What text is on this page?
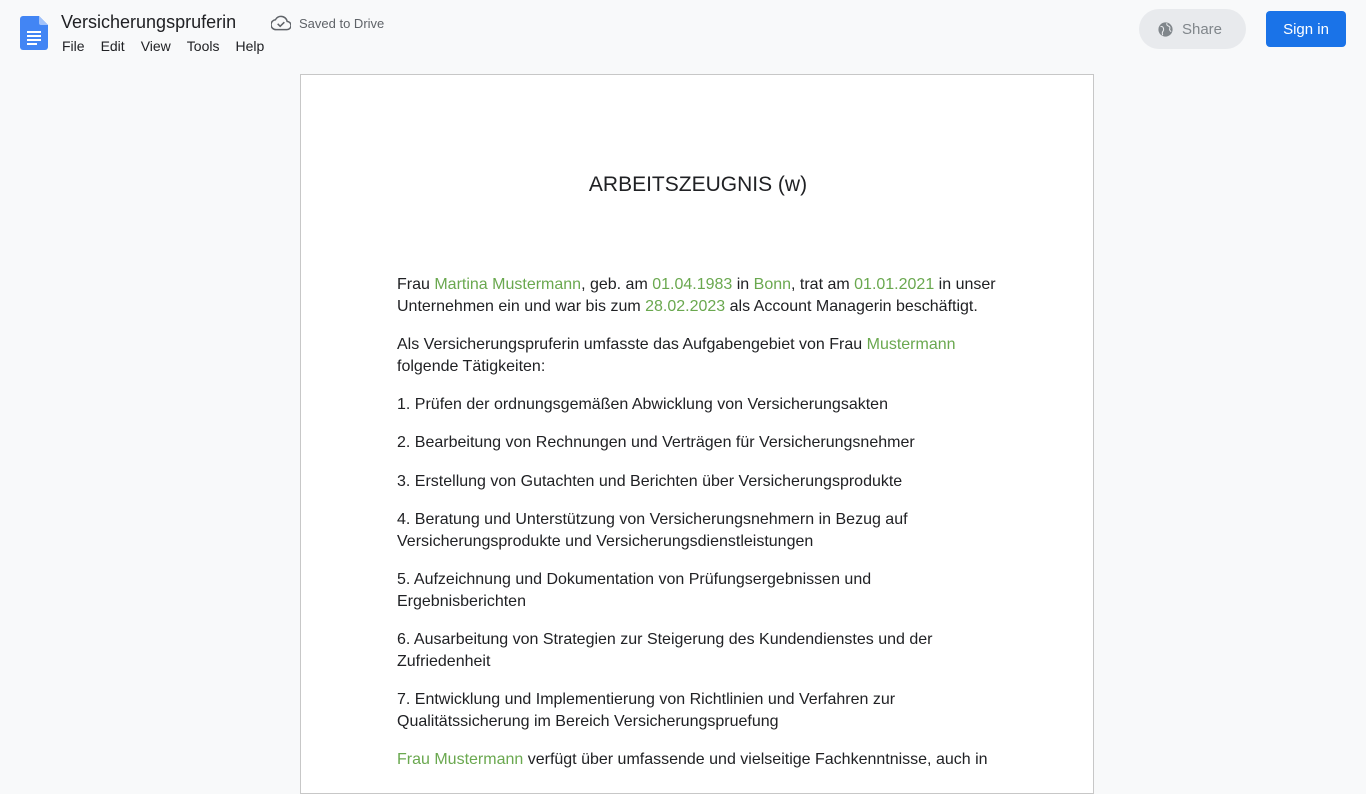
Versicherungspruferin	Saved to Drive
File	Edit	View	Tools	Help
Share	Sign in
ARBEITSZEUGNIS (w)

Frau Martina Mustermann, geb. am 01.04.1983 in Bonn, trat am 01.01.2021 in unser Unternehmen ein und war bis zum 28.02.2023 als Account Managerin beschäftigt.

Als Versicherungspruferin umfasste das Aufgabengebiet von Frau Mustermann
folgende Tätigkeiten:

1. Prüfen der ordnungsgemäßen Abwicklung von Versicherungsakten

2. Bearbeitung von Rechnungen und Verträgen für Versicherungsnehmer

3. Erstellung von Gutachten und Berichten über Versicherungsprodukte

4. Beratung und Unterstützung von Versicherungsnehmern in Bezug auf Versicherungsprodukte und Versicherungsdienstleistungen

5. Aufzeichnung und Dokumentation von Prüfungsergebnissen und Ergebnisberichten

6. Ausarbeitung von Strategien zur Steigerung des Kundendienstes und der Zufriedenheit

7. Entwicklung und Implementierung von Richtlinien und Verfahren zur Qualitätssicherung im Bereich Versicherungspruefung

Frau Mustermann verfügt über umfassende und vielseitige Fachkenntnisse, auch in
